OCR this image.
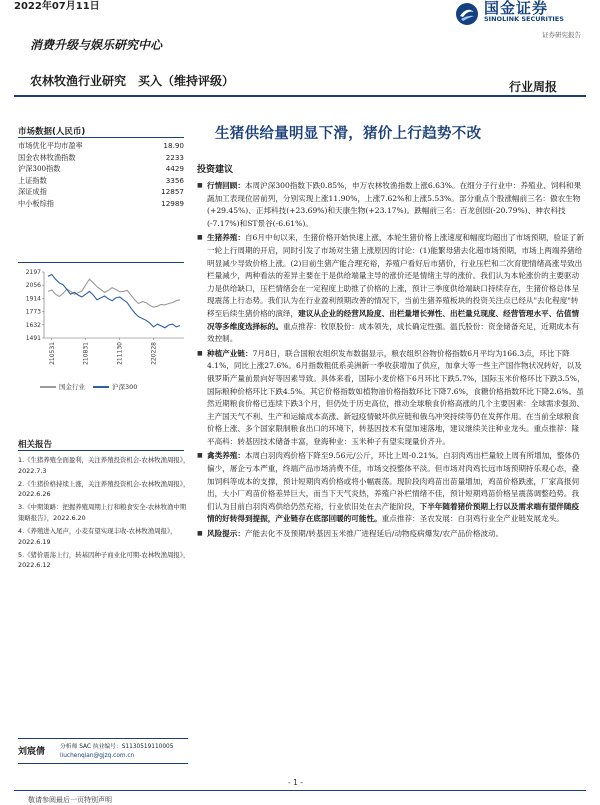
2022年07月11日	国金证券
SINOLINK SECURITIES
证券研究报告
消费升级与娱乐研究中心
农林牧渔行业研究　买入（维持评级）	行业周报
市场数据(人民币)
市场优化平均市盈率	18.90
国金农林牧渔指数	2233
沪深300指数	4429
上证指数	3356
深证成指	12857
中小板综指	12989
2197
2056
1914
1773
1632
1491
210531	210831	211130	220228
国金行业	沪深300
相关报告
1.《生猪养殖全面盈利，关注养殖投资机会-农林牧渔周报》，2022.7.3
2.《生猪价格持续上涨，关注养殖投资机会-农林牧渔周报》，2022.6.26
3.《中期策略：把握养殖周期上行和粮食安全-农林牧渔中期策略报告》，2022.6.20
4.《养殖进入尾声，小麦有望实现丰收-农林牧渔周报》，2022.6.19
5.《猪价震荡上行，转基因种子商业化可期-农林牧渔周报》，2022.6.12
刘宸倩	分析师 SAC 执业编号：S1130519110005
liuchenqian@gjzq.com.cn
生猪供给量明显下滑，猪价上行趋势不改
投资建议

■ 行情回顾：本周沪深300指数下跌0.85%，申万农林牧渔指数上涨6.63%。在细分子行业中：养殖业、饲料和果蔬加工表现位居前列，分别实现上涨11.90%，上涨7.62%和上涨5.53%。部分重点个股涨幅前三名：傲农生物(+29.45%)、正邦科技(+23.69%)和天康生物(+23.17%)。跌幅前三名：百龙创园(-20.79%)、神农科技(-7.17%)和ST景谷(-6.61%)。

■ 生猪养殖：自6月中旬以来，生猪价格开始快速上涨，本轮生猪价格上涨速度和幅度均超出了市场预期，验证了新一轮上行周期的开启，同时引发了市场对生猪上涨原因的讨论：(1)能繁母猪去化超市场预期，市场上两端养猪给明显减少导致价格上涨。(2)目前生猪产能合理充裕，养殖户看好后市猪价，行业压栏和二次育肥情绪高涨导致出栏量减少，两种看法的差异主要在于是供给端量主导的涨价还是情绪主导的涨价。我们认为本轮涨价的主要驱动力是供给缺口，压栏情绪会在一定程度上助推了价格的上涨，预计三季度供给端缺口持续存在，生猪价格总体呈现震荡上行态势。我们认为在行业盈利预期改善的情况下，当前生猪养殖板块的投资关注点已经从"去化程度"转移至后续生猪价格的演绎，建议从企业的经营风险度、出栏量增长弹性、出栏量兑现度、经营管理水平、估值情况等多维度选择标的。重点推荐：牧原股份：成本领先，成长确定性强。温氏股份：资金储备充足，近期成本有效控制。

■ 种植产业链：7月8日，联合国粮农组织发布数据显示，粮农组织谷物价格指数6月平均为166.3点，环比下降4.1%，同比上涨27.6%。6月指数粗低系美洲新一季收获增加了供应，加拿大等一些主产国作物状况转好，以及俄罗斯产量前景向好等因素导致。具体来看，国际小麦价格下6月环比下跌5.7%，国际玉米价格环比下跌3.5%，国际粮种价格环比下跌4.5%。其它价格指数如植物油价格指数环比下降7.6%，食糖价格指数环比下降2.6%。虽然近期粮食价格已连续下跌3个月，但仍处于历史高位，推动全球粮食价格高涨的几个主要因素：全球需求强劲、主产国天气不利、生产和运输成本高涨、新冠疫情破坏供应链和俄乌冲突持续等仍在发挥作用。在当前全球粮食价格上涨、多个国家限制粮食出口的环境下，转基因技术有望加速落地，建议继续关注种业龙头。重点推荐：隆平高科：转基因技术储备丰富，登海种业：玉米种子有望实现量价齐升。

■ 禽类养殖：本周白羽肉鸡价格下降至9.56元/公斤，环比上周-0.21%。白羽肉鸡出栏量较上周有所增加，整体仍偏少，屠企亏本严重，终端产品市场消费不佳，市场交投整体平淡。但市场对肉鸡长远市场预期持乐观心态，叠加饲料等成本的支撑，预计短期肉鸡价格或将小幅震荡。现阶段肉鸡苗出苗量增加，鸡苗价格跌涨，厂家高报伺出，大小厂鸡苗价格差异巨大，而当下天气炎热，养殖户补栏情绪不佳，预计短期鸡苗价格呈震荡调整趋势。我们认为目前白羽肉鸡供给仍然充裕，行业依旧处在去产能阶段，下半年随着猪价预期上行以及需求端有望伴随疫情的好转得到提振，产业链存在底部回暖的可能性。重点推荐：圣农发展：白羽鸡行业全产业链发展龙头。

■ 风险提示：产能去化不及预期/转基因玉米推广进程延后/动物疫病爆发/农产品价格波动。

- 1 -
敬请参阅最后一页特别声明
